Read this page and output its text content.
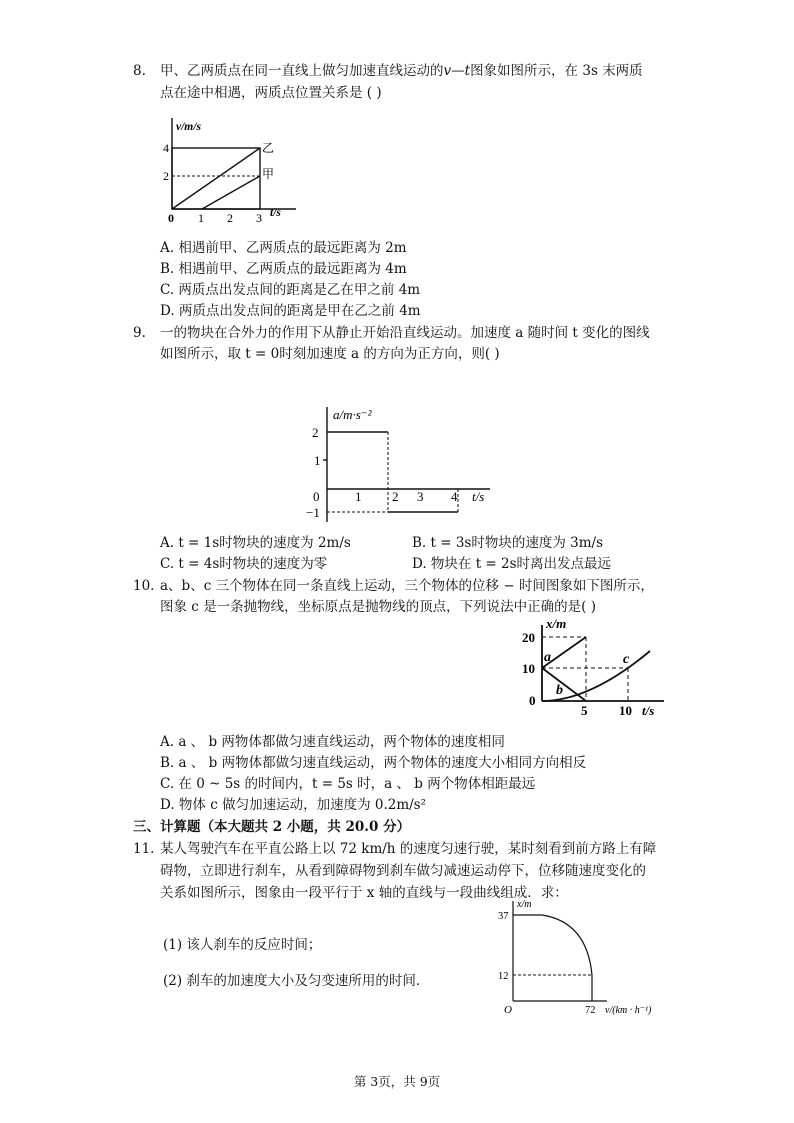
8. 甲、乙两质点在同一直线上做匀加速直线运动的v—t图象如图所示，在 3s 末两质
点在途中相遇，两质点位置关系是 ( )
v/m/s
t/s
4
2
0 1 2 3
乙
甲
A. 相遇前甲、乙两质点的最远距离为 2m
B. 相遇前甲、乙两质点的最远距离为 4m
C. 两质点出发点间的距离是乙在甲之前 4m
D. 两质点出发点间的距离是甲在乙之前 4m
9. 一的物块在合外力的作用下从静止开始沿直线运动。加速度 a 随时间 t 变化的图线
如图所示，取 t = 0时刻加速度 a 的方向为正方向，则( )
a/m·s⁻²
t/s
2
1
−1
0	1 2 3 4
A. t = 1s时物块的速度为 2m/s	B. t = 3s时物块的速度为 3m/s
C. t = 4s时物块的速度为零	D. 物块在 t = 2s时离出发点最远
10. a、b、c 三个物体在同一条直线上运动，三个物体的位移 − 时间图象如下图所示，
图象 c 是一条抛物线，坐标原点是抛物线的顶点，下列说法中正确的是( )
x/m
t/s
20
10
0
5 10
a
b
c
A. a 、 b 两物体都做匀速直线运动，两个物体的速度相同
B. a 、 b 两物体都做匀速直线运动，两个物体的速度大小相同方向相反
C. 在 0 ~ 5s 的时间内，t = 5s 时，a 、 b 两个物体相距最远
D. 物体 c 做匀加速运动，加速度为 0.2m/s²
三、计算题（本大题共 2 小题，共 20.0 分）
11. 某人驾驶汽车在平直公路上以 72 km/h 的速度匀速行驶，某时刻看到前方路上有障
碍物，立即进行刹车，从看到障碍物到刹车做匀减速运动停下，位移随速度变化的
关系如图所示，图象由一段平行于 x 轴的直线与一段曲线组成．求：
(1) 该人刹车的反应时间；
(2) 刹车的加速度大小及匀变速所用的时间．
x/m
v/(km · h⁻¹)
O
37
12
72
第 3页，共 9页
